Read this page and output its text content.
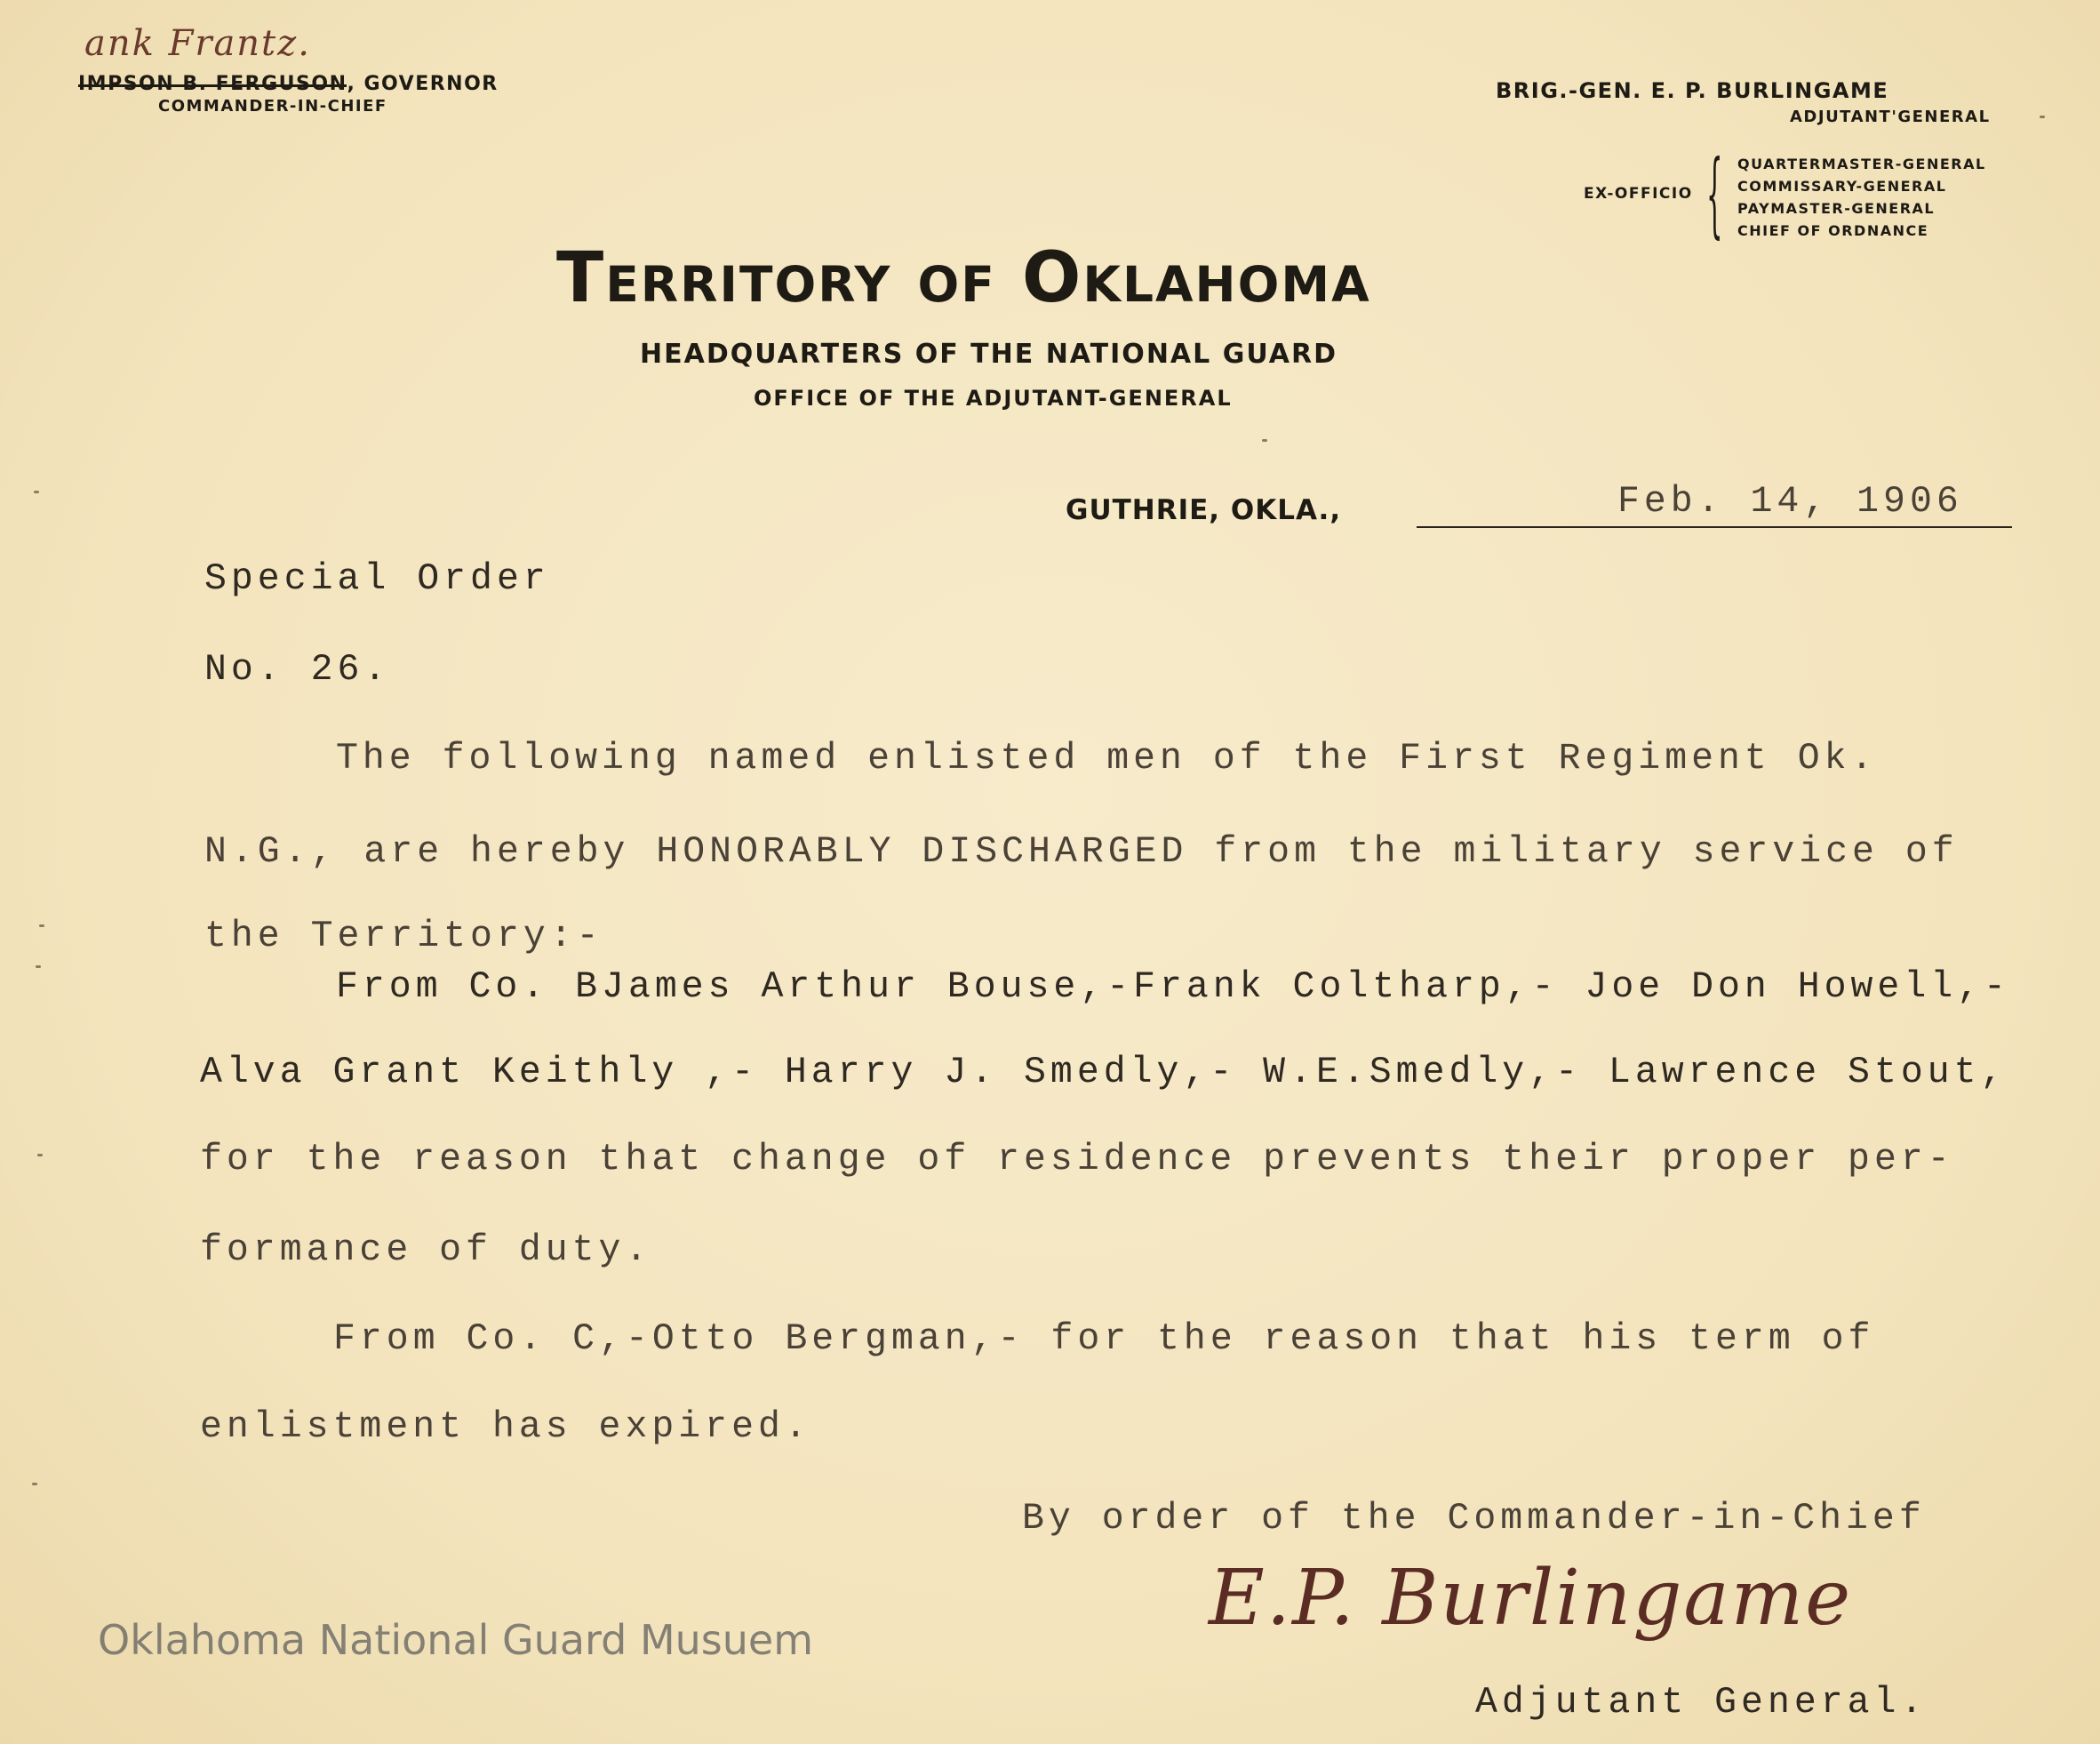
ank Frantz.
IMPSON B. FERGUSON, GOVERNOR
COMMANDER-IN-CHIEF
BRIG.-GEN. E. P. BURLINGAME
ADJUTANT'GENERAL
EX-OFFICIO { QUARTERMASTER-GENERAL
COMMISSARY-GENERAL
PAYMASTER-GENERAL
CHIEF OF ORDNANCE
Territory of Oklahoma
HEADQUARTERS OF THE NATIONAL GUARD
OFFICE OF THE ADJUTANT-GENERAL
GUTHRIE, OKLA.,	Feb. 14, 1906
Special Order
No. 26.
The following named enlisted men of the First Regiment Ok.
N.G., are hereby HONORABLY DISCHARGED from the military service of
the Territory:-
From Co. BJames Arthur Bouse,-Frank Coltharp,- Joe Don Howell,-
Alva Grant Keithly ,- Harry J. Smedly,- W.E.Smedly,- Lawrence Stout,
for the reason that change of residence prevents their proper per-
formance of duty.
From Co. C,-Otto Bergman,- for the reason that his term of
enlistment has expired.
By order of the Commander-in-Chief
E.P. Burlingame
Adjutant General.
Oklahoma National Guard Musuem
